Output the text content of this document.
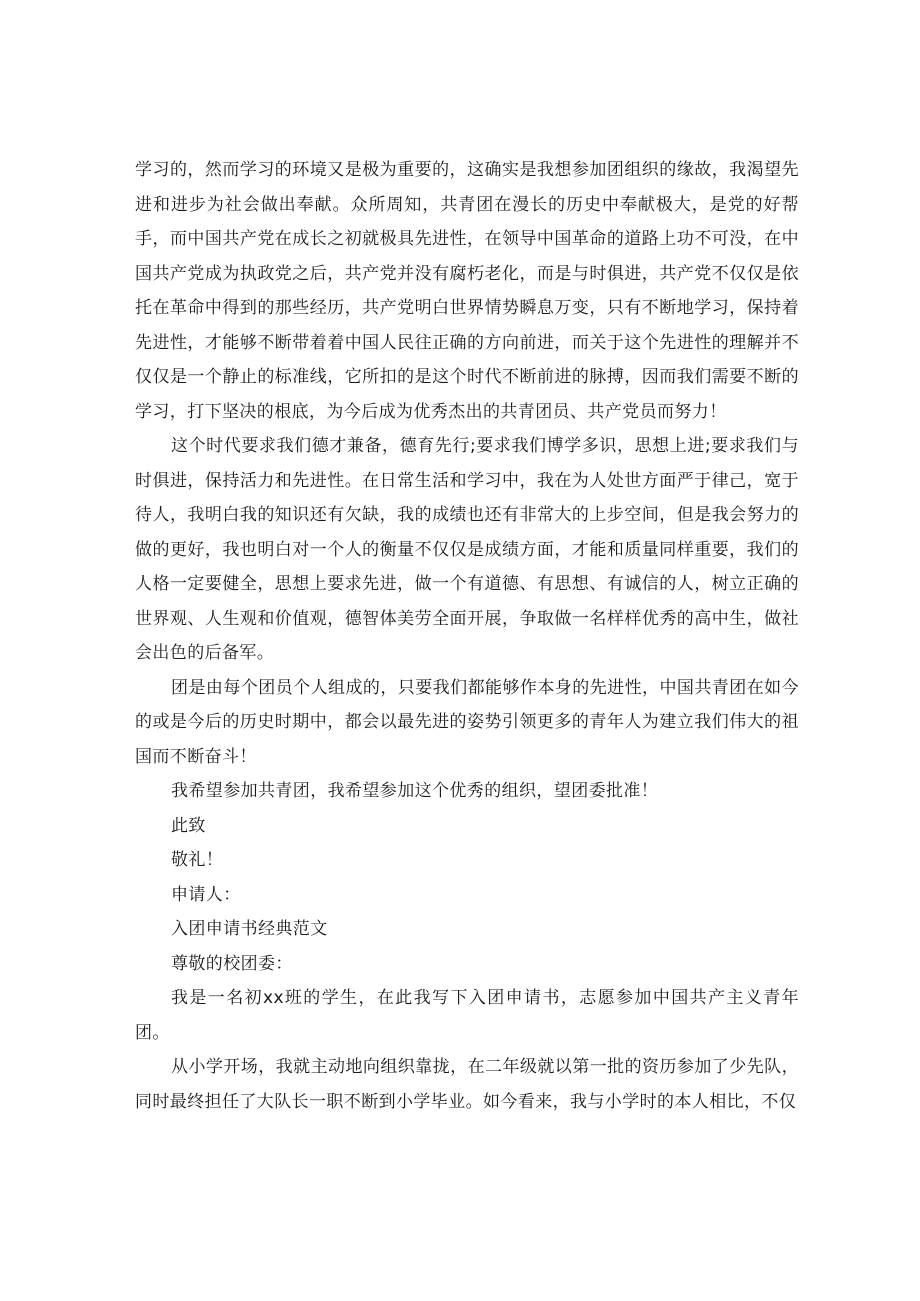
学习的，然而学习的环境又是极为重要的，这确实是我想参加团组织的缘故，我渴望先进和进步为社会做出奉献。众所周知，共青团在漫长的历史中奉献极大，是党的好帮手，而中国共产党在成长之初就极具先进性，在领导中国革命的道路上功不可没，在中国共产党成为执政党之后，共产党并没有腐朽老化，而是与时俱进，共产党不仅仅是依托在革命中得到的那些经历，共产党明白世界情势瞬息万变，只有不断地学习，保持着先进性，才能够不断带着着中国人民往正确的方向前进，而关于这个先进性的理解并不仅仅是一个静止的标准线，它所扣的是这个时代不断前进的脉搏，因而我们需要不断的学习，打下坚决的根底，为今后成为优秀杰出的共青团员、共产党员而努力！

这个时代要求我们德才兼备，德育先行;要求我们博学多识，思想上进;要求我们与时俱进，保持活力和先进性。在日常生活和学习中，我在为人处世方面严于律己，宽于待人，我明白我的知识还有欠缺，我的成绩也还有非常大的上步空间，但是我会努力的做的更好，我也明白对一个人的衡量不仅仅是成绩方面，才能和质量同样重要，我们的人格一定要健全，思想上要求先进，做一个有道德、有思想、有诚信的人，树立正确的世界观、人生观和价值观，德智体美劳全面开展，争取做一名样样优秀的高中生，做社会出色的后备军。

团是由每个团员个人组成的，只要我们都能够作本身的先进性，中国共青团在如今的或是今后的历史时期中，都会以最先进的姿势引领更多的青年人为建立我们伟大的祖国而不断奋斗！

我希望参加共青团，我希望参加这个优秀的组织，望团委批准！

此致

敬礼！

申请人：

入团申请书经典范文

尊敬的校团委：

我是一名初xx班的学生，在此我写下入团申请书，志愿参加中国共产主义青年团。

从小学开场，我就主动地向组织靠拢，在二年级就以第一批的资历参加了少先队，同时最终担任了大队长一职不断到小学毕业。如今看来，我与小学时的本人相比，不仅
